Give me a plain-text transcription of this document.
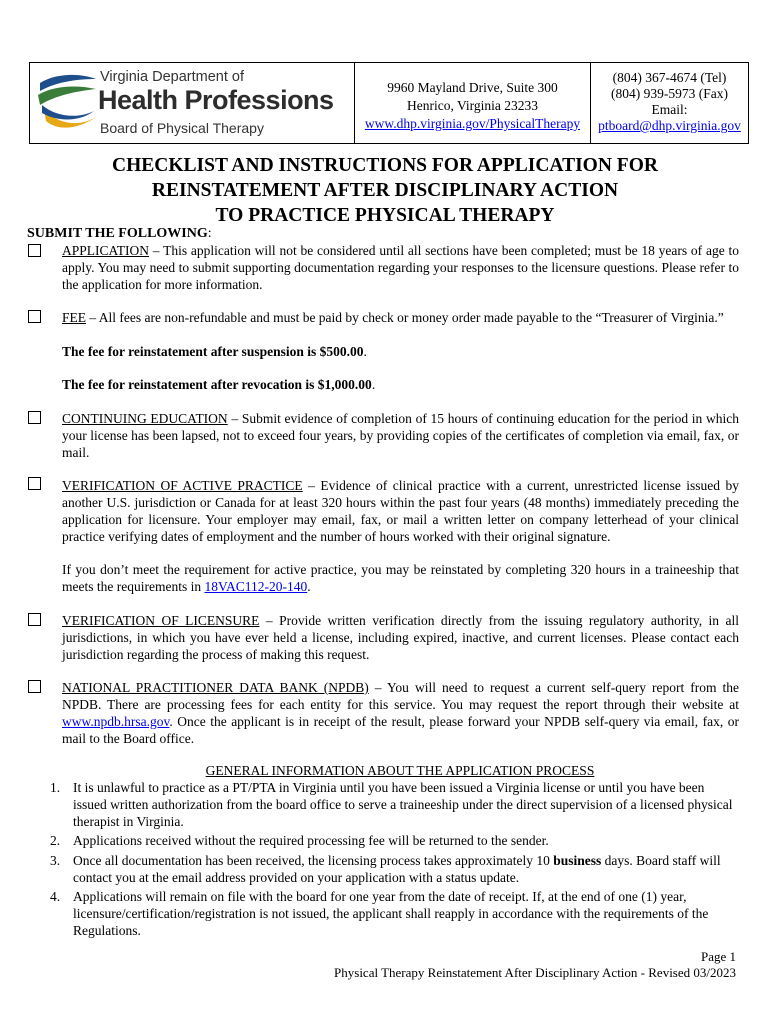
Virginia Department of
Health Professions
Board of Physical Therapy
9960 Mayland Drive, Suite 300
Henrico, Virginia 23233
www.dhp.virginia.gov/PhysicalTherapy
(804) 367-4674 (Tel)
(804) 939-5973 (Fax)
Email:
ptboard@dhp.virginia.gov
CHECKLIST AND INSTRUCTIONS FOR APPLICATION FOR
REINSTATEMENT AFTER DISCIPLINARY ACTION
TO PRACTICE PHYSICAL THERAPY
SUBMIT THE FOLLOWING:
APPLICATION – This application will not be considered until all sections have been completed; must be 18 years of age to apply. You may need to submit supporting documentation regarding your responses to the licensure questions. Please refer to the application for more information.
FEE – All fees are non-refundable and must be paid by check or money order made payable to the “Treasurer of Virginia.”
The fee for reinstatement after suspension is $500.00.
The fee for reinstatement after revocation is $1,000.00.
CONTINUING EDUCATION – Submit evidence of completion of 15 hours of continuing education for the period in which your license has been lapsed, not to exceed four years, by providing copies of the certificates of completion via email, fax, or mail.
VERIFICATION OF ACTIVE PRACTICE – Evidence of clinical practice with a current, unrestricted license issued by another U.S. jurisdiction or Canada for at least 320 hours within the past four years (48 months) immediately preceding the application for licensure. Your employer may email, fax, or mail a written letter on company letterhead of your clinical practice verifying dates of employment and the number of hours worked with their original signature.
If you don’t meet the requirement for active practice, you may be reinstated by completing 320 hours in a traineeship that meets the requirements in 18VAC112-20-140.
VERIFICATION OF LICENSURE – Provide written verification directly from the issuing regulatory authority, in all jurisdictions, in which you have ever held a license, including expired, inactive, and current licenses. Please contact each jurisdiction regarding the process of making this request.
NATIONAL PRACTITIONER DATA BANK (NPDB) – You will need to request a current self-query report from the NPDB. There are processing fees for each entity for this service. You may request the report through their website at www.npdb.hrsa.gov. Once the applicant is in receipt of the result, please forward your NPDB self-query via email, fax, or mail to the Board office.
GENERAL INFORMATION ABOUT THE APPLICATION PROCESS
1. It is unlawful to practice as a PT/PTA in Virginia until you have been issued a Virginia license or until you have been issued written authorization from the board office to serve a traineeship under the direct supervision of a licensed physical therapist in Virginia.
2. Applications received without the required processing fee will be returned to the sender.
3. Once all documentation has been received, the licensing process takes approximately 10 business days. Board staff will contact you at the email address provided on your application with a status update.
4. Applications will remain on file with the board for one year from the date of receipt. If, at the end of one (1) year, licensure/certification/registration is not issued, the applicant shall reapply in accordance with the requirements of the Regulations.
Page 1
Physical Therapy Reinstatement After Disciplinary Action - Revised 03/2023
